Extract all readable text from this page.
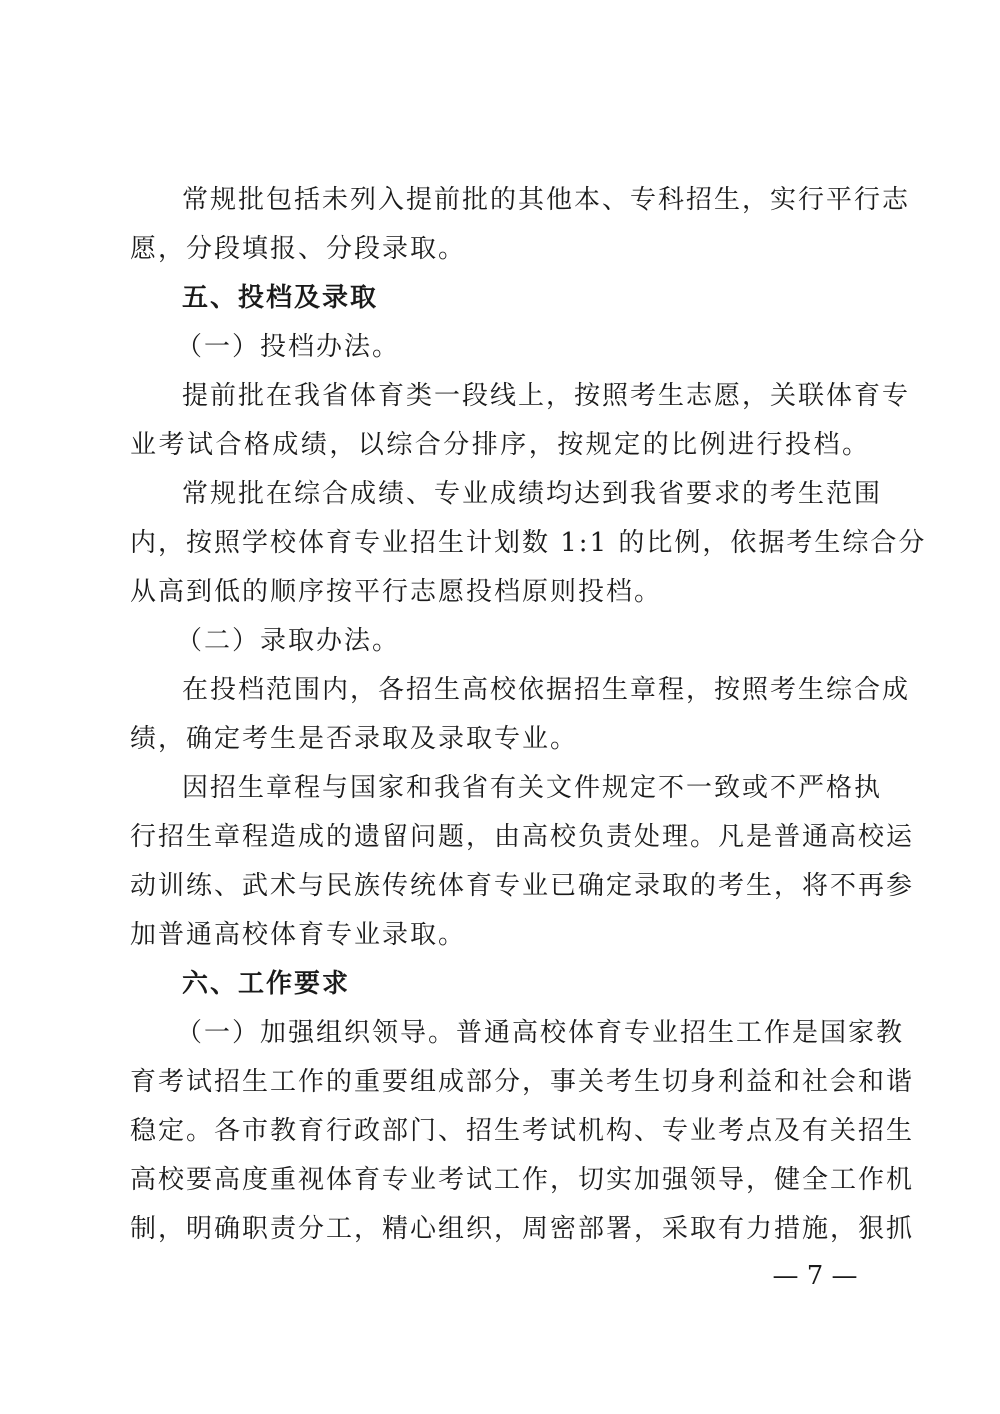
常规批包括未列入提前批的其他本、专科招生，实行平行志
愿，分段填报、分段录取。
五、投档及录取
（一）投档办法。
提前批在我省体育类一段线上，按照考生志愿，关联体育专
业考试合格成绩，以综合分排序，按规定的比例进行投档。
常规批在综合成绩、专业成绩均达到我省要求的考生范围
内，按照学校体育专业招生计划数 1:1 的比例，依据考生综合分
从高到低的顺序按平行志愿投档原则投档。
（二）录取办法。
在投档范围内，各招生高校依据招生章程，按照考生综合成
绩，确定考生是否录取及录取专业。
因招生章程与国家和我省有关文件规定不一致或不严格执
行招生章程造成的遗留问题，由高校负责处理。凡是普通高校运
动训练、武术与民族传统体育专业已确定录取的考生，将不再参
加普通高校体育专业录取。
六、工作要求
（一）加强组织领导。普通高校体育专业招生工作是国家教
育考试招生工作的重要组成部分，事关考生切身利益和社会和谐
稳定。各市教育行政部门、招生考试机构、专业考点及有关招生
高校要高度重视体育专业考试工作，切实加强领导，健全工作机
制，明确职责分工，精心组织，周密部署，采取有力措施，狠抓
— 7 —
